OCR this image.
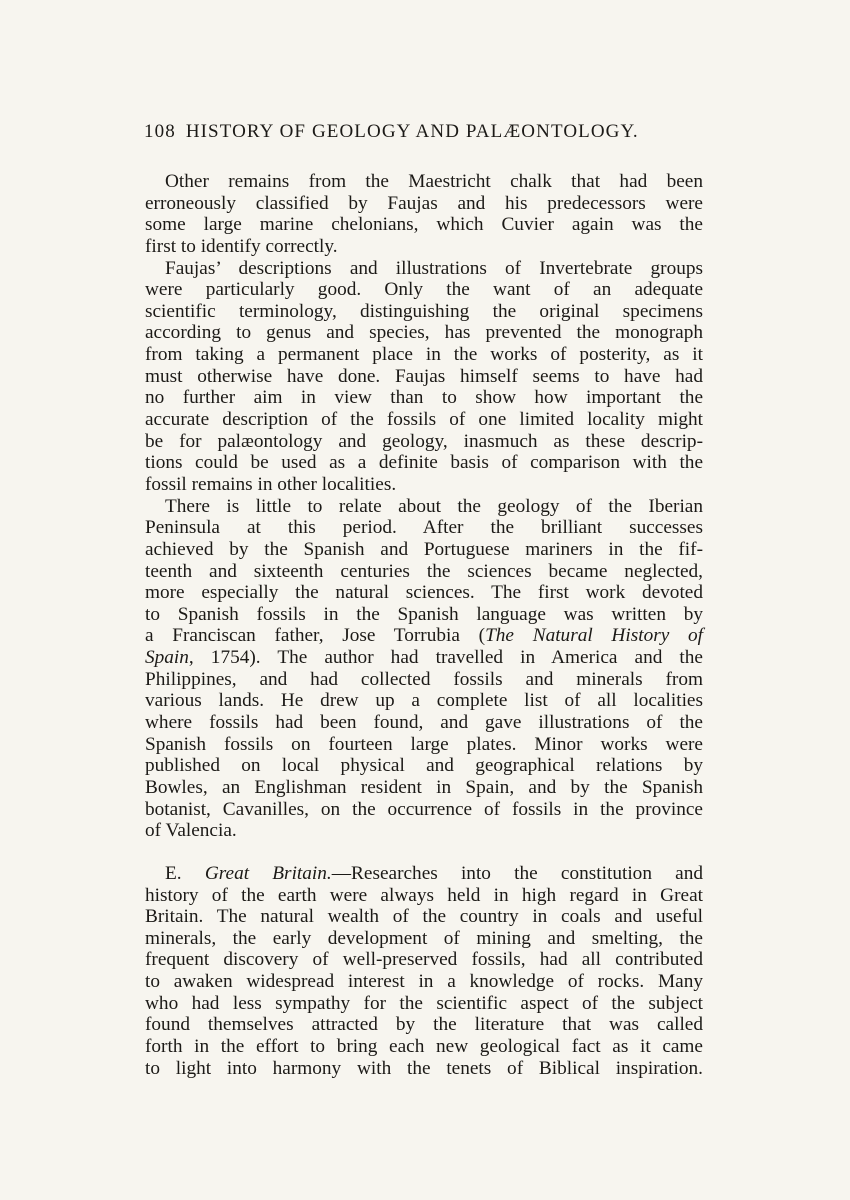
108 HISTORY OF GEOLOGY AND PALÆONTOLOGY.
Other remains from the Maestricht chalk that had been
erroneously classified by Faujas and his predecessors were
some large marine chelonians, which Cuvier again was the
first to identify correctly.
Faujas’ descriptions and illustrations of Invertebrate groups
were particularly good. Only the want of an adequate
scientific terminology, distinguishing the original specimens
according to genus and species, has prevented the monograph
from taking a permanent place in the works of posterity, as it
must otherwise have done. Faujas himself seems to have had
no further aim in view than to show how important the
accurate description of the fossils of one limited locality might
be for palæontology and geology, inasmuch as these descrip-
tions could be used as a definite basis of comparison with the
fossil remains in other localities.
There is little to relate about the geology of the Iberian
Peninsula at this period. After the brilliant successes
achieved by the Spanish and Portuguese mariners in the fif-
teenth and sixteenth centuries the sciences became neglected,
more especially the natural sciences. The first work devoted
to Spanish fossils in the Spanish language was written by
a Franciscan father, Jose Torrubia (The Natural History of
Spain, 1754). The author had travelled in America and the
Philippines, and had collected fossils and minerals from
various lands. He drew up a complete list of all localities
where fossils had been found, and gave illustrations of the
Spanish fossils on fourteen large plates. Minor works were
published on local physical and geographical relations by
Bowles, an Englishman resident in Spain, and by the Spanish
botanist, Cavanilles, on the occurrence of fossils in the province
of Valencia.
E. Great Britain.—Researches into the constitution and
history of the earth were always held in high regard in Great
Britain. The natural wealth of the country in coals and useful
minerals, the early development of mining and smelting, the
frequent discovery of well-preserved fossils, had all contributed
to awaken widespread interest in a knowledge of rocks. Many
who had less sympathy for the scientific aspect of the subject
found themselves attracted by the literature that was called
forth in the effort to bring each new geological fact as it came
to light into harmony with the tenets of Biblical inspiration.
